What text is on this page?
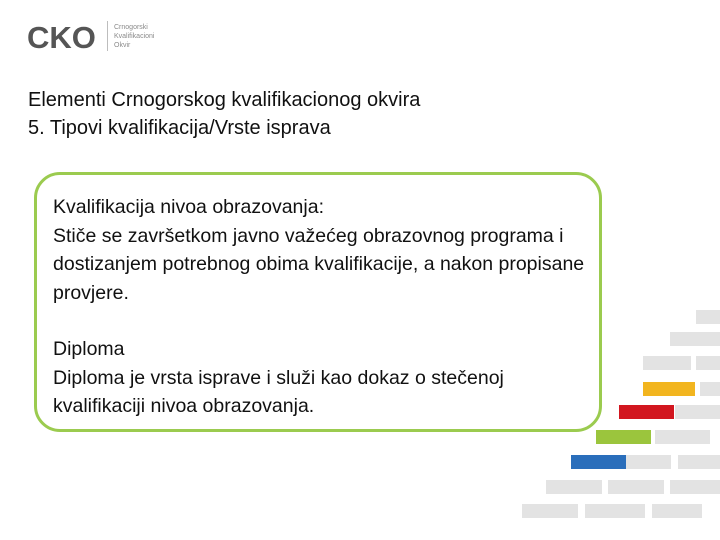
CKO	Crnogorski
Kvalifikacioni
Okvir
Elementi Crnogorskog kvalifikacionog okvira
5. Tipovi kvalifikacija/Vrste isprava

Kvalifikacija nivoa obrazovanja:
Stiče se završetkom javno važećeg obrazovnog programa i dostizanjem potrebnog obima kvalifikacije, a nakon propisane provjere.

Diploma
Diploma je vrsta isprave i služi kao dokaz o stečenoj kvalifikaciji nivoa obrazovanja.
